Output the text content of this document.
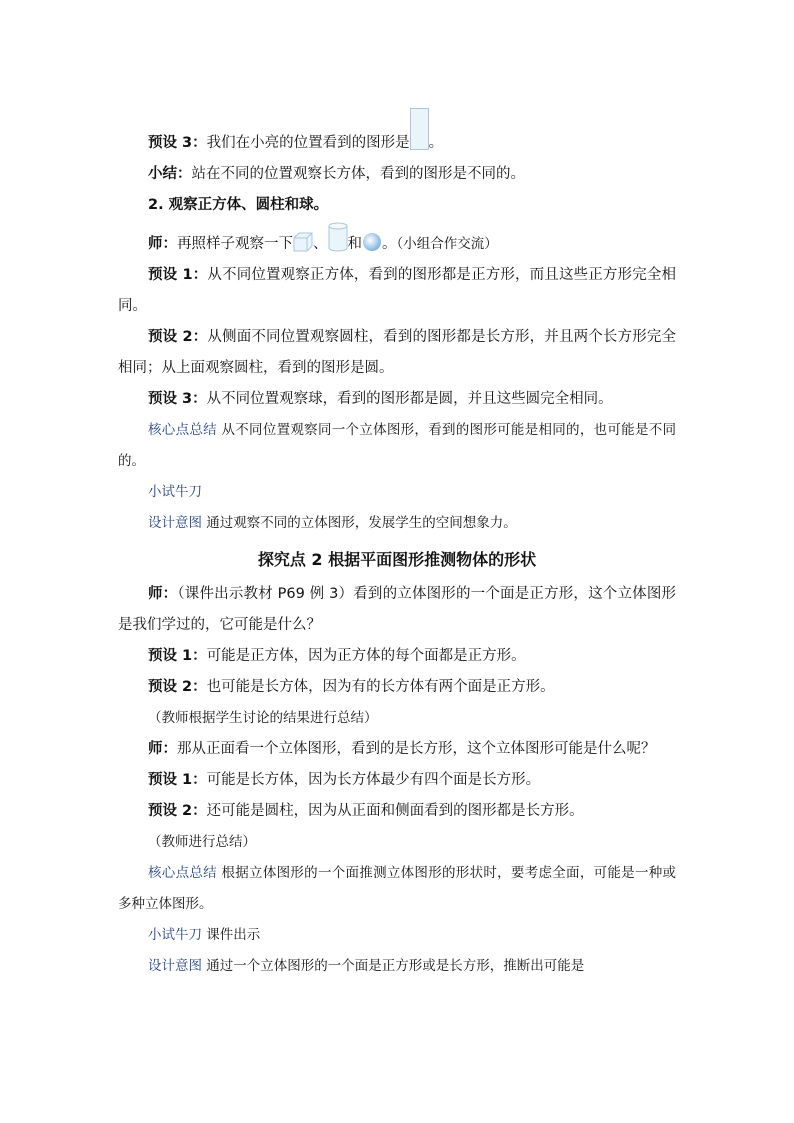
预设 3：我们在小亮的位置看到的图形是 。

小结：站在不同的位置观察长方体，看到的图形是不同的。

2. 观察正方体、圆柱和球。

师：再照样子观察一下 、 和 。（小组合作交流）

预设 1：从不同位置观察正方体，看到的图形都是正方形，而且这些正方形完全相同。

预设 2：从侧面不同位置观察圆柱，看到的图形都是长方形，并且两个长方形完全相同；从上面观察圆柱，看到的图形是圆。

预设 3：从不同位置观察球，看到的图形都是圆，并且这些圆完全相同。

核心点总结 从不同位置观察同一个立体图形，看到的图形可能是相同的，也可能是不同的。

小试牛刀

设计意图 通过观察不同的立体图形，发展学生的空间想象力。

探究点 2 根据平面图形推测物体的形状

师：（课件出示教材 P69 例 3）看到的立体图形的一个面是正方形，这个立体图形是我们学过的，它可能是什么？

预设 1：可能是正方体，因为正方体的每个面都是正方形。

预设 2：也可能是长方体，因为有的长方体有两个面是正方形。

（教师根据学生讨论的结果进行总结）

师：那从正面看一个立体图形，看到的是长方形，这个立体图形可能是什么呢？

预设 1：可能是长方体，因为长方体最少有四个面是长方形。

预设 2：还可能是圆柱，因为从正面和侧面看到的图形都是长方形。

（教师进行总结）

核心点总结 根据立体图形的一个面推测立体图形的形状时，要考虑全面，可能是一种或多种立体图形。

小试牛刀 课件出示

设计意图 通过一个立体图形的一个面是正方形或是长方形，推断出可能是
